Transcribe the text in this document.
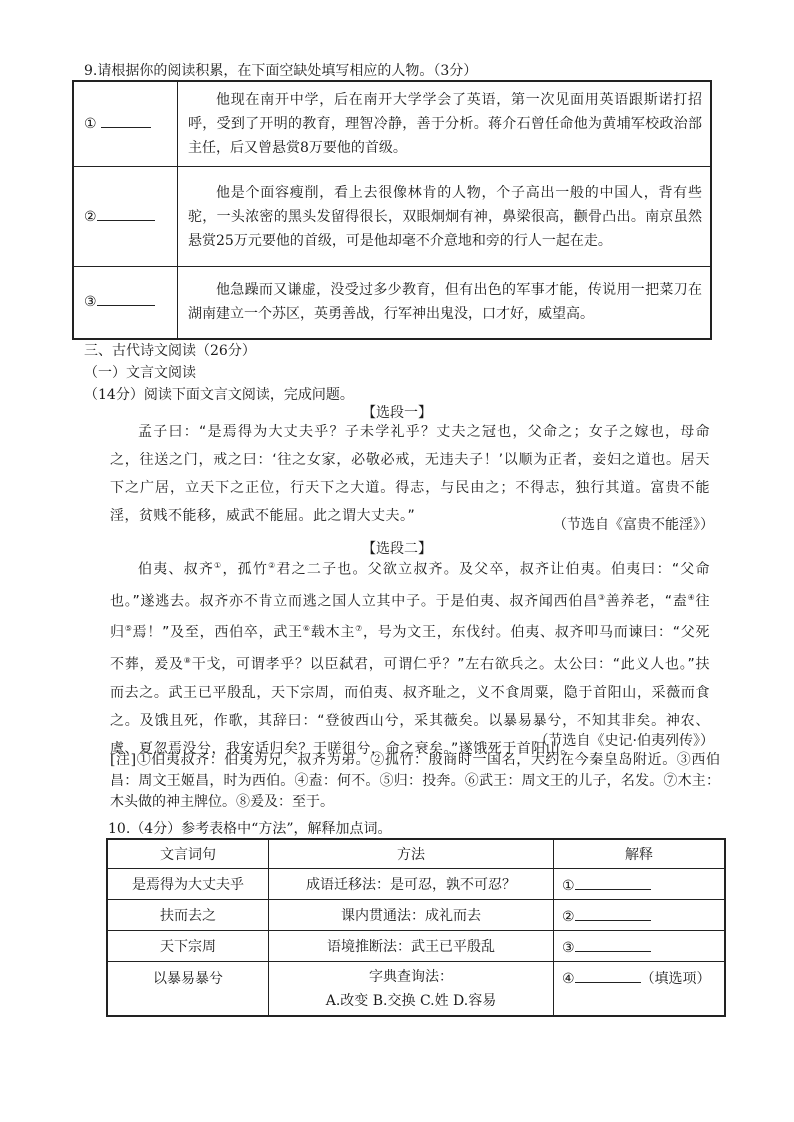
9.请根据你的阅读积累，在下面空缺处填写相应的人物。（3分）
①	他现在南开中学，后在南开大学学会了英语，第一次见面用英语跟斯诺打招呼，受到了开明的教育，理智冷静，善于分析。蒋介石曾任命他为黄埔军校政治部主任，后又曾悬赏8万要他的首级。
②	他是个面容瘦削，看上去很像林肯的人物，个子高出一般的中国人，背有些驼，一头浓密的黑头发留得很长，双眼炯炯有神，鼻梁很高，颧骨凸出。南京虽然悬赏25万元要他的首级，可是他却毫不介意地和旁的行人一起在走。
③	他急躁而又谦虚，没受过多少教育，但有出色的军事才能，传说用一把菜刀在湖南建立一个苏区，英勇善战，行军神出鬼没，口才好，威望高。
三、古代诗文阅读（26分）
（一）文言文阅读
（14分）阅读下面文言文阅读，完成问题。
【选段一】
孟子曰：“是焉得为大丈夫乎？子未学礼乎？丈夫之冠也，父命之；女子之嫁也，母命之，往送之门，戒之曰：‘往之女家，必敬必戒，无违夫子！’以顺为正者，妾妇之道也。居天下之广居，立天下之正位，行天下之大道。得志，与民由之；不得志，独行其道。富贵不能淫，贫贱不能移，威武不能屈。此之谓大丈夫。”
（节选自《富贵不能淫》）
【选段二】
伯夷、叔齐①，孤竹②君之二子也。父欲立叔齐。及父卒，叔齐让伯夷。伯夷曰：“父命也。”遂逃去。叔齐亦不肯立而逃之国人立其中子。于是伯夷、叔齐闻西伯昌③善养老，“盍④往归⑤焉！”及至，西伯卒，武王⑥载木主⑦，号为文王，东伐纣。伯夷、叔齐叩马而谏曰：“父死不葬，爰及⑧干戈，可谓孝乎？以臣弑君，可谓仁乎？”左右欲兵之。太公曰：“此义人也。”扶而去之。武王已平殷乱，天下宗周，而伯夷、叔齐耻之，义不食周粟，隐于首阳山，采薇而食之。及饿且死，作歌，其辞曰：“登彼西山兮，采其薇矣。以暴易暴兮，不知其非矣。神农、虞、夏忽焉没兮，我安适归矣？于嗟徂兮，命之衰矣。”遂饿死于首阳山。
（节选自《史记·伯夷列传》）
[注]①伯夷叔齐：伯夷为兄，叔齐为弟。②孤竹：殷商时一国名，大约在今秦皇岛附近。③西伯昌：周文王姬昌，时为西伯。④盍：何不。⑤归：投奔。⑥武王：周文王的儿子，名发。⑦木主：木头做的神主牌位。⑧爰及：至于。
10.（4分）参考表格中“方法”，解释加点词。
文言词句	方法	解释
是焉得为大丈夫乎	成语迁移法：是可忍，孰不可忍？	①
扶而去之	课内贯通法：成礼而去	②
天下宗周	语境推断法：武王已平殷乱	③
以暴易暴兮	字典查询法：
A.改变 B.交换 C.姓 D.容易	④ （填选项）
